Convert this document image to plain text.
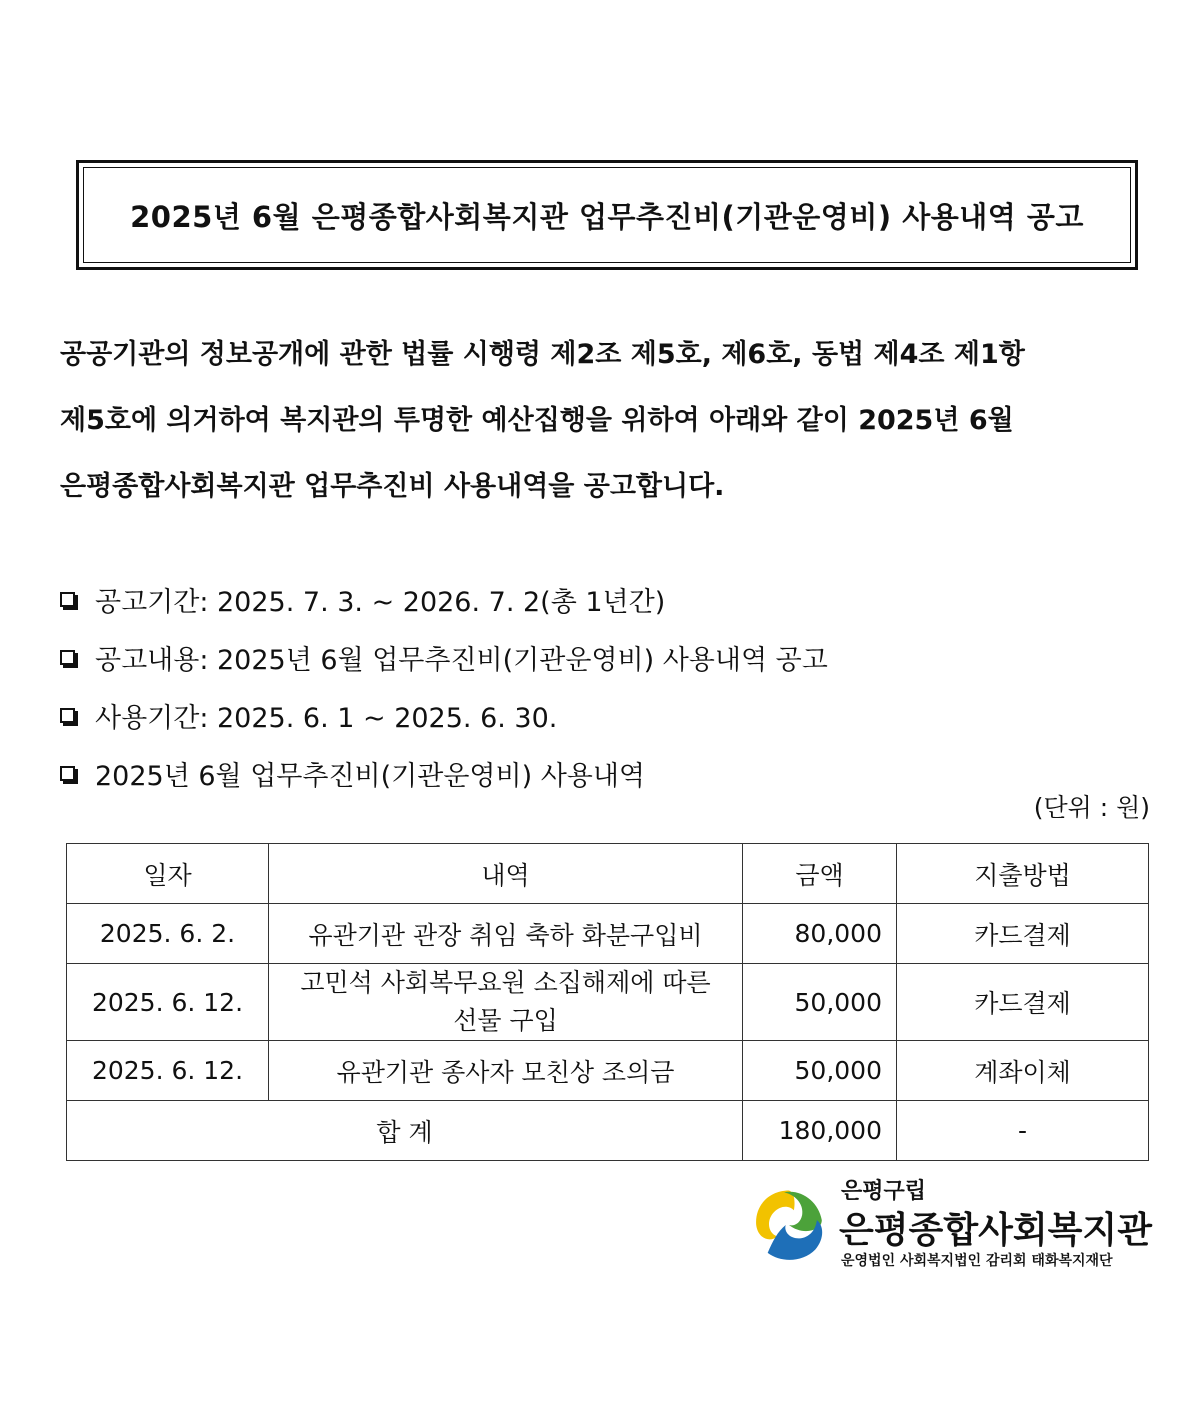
2025년 6월 은평종합사회복지관 업무추진비(기관운영비) 사용내역 공고

공공기관의 정보공개에 관한 법률 시행령 제2조 제5호, 제6호, 동법 제4조 제1항

제5호에 의거하여 복지관의 투명한 예산집행을 위하여 아래와 같이 2025년 6월

은평종합사회복지관 업무추진비 사용내역을 공고합니다.

공고기간: 2025. 7. 3. ~ 2026. 7. 2(총 1년간)
공고내용: 2025년 6월 업무추진비(기관운영비) 사용내역 공고
사용기간: 2025. 6. 1 ~ 2025. 6. 30.
2025년 6월 업무추진비(기관운영비) 사용내역
(단위 : 원)
일자	내역	금액	지출방법
2025. 6. 2.	유관기관 관장 취임 축하 화분구입비	80,000	카드결제
2025. 6. 12.	고민석 사회복무요원 소집해제에 따른
선물 구입	50,000	카드결제
2025. 6. 12.	유관기관 종사자 모친상 조의금	50,000	계좌이체
합 계		180,000	-
은평구립
은평종합사회복지관
운영법인 사회복지법인 감리회 태화복지재단
